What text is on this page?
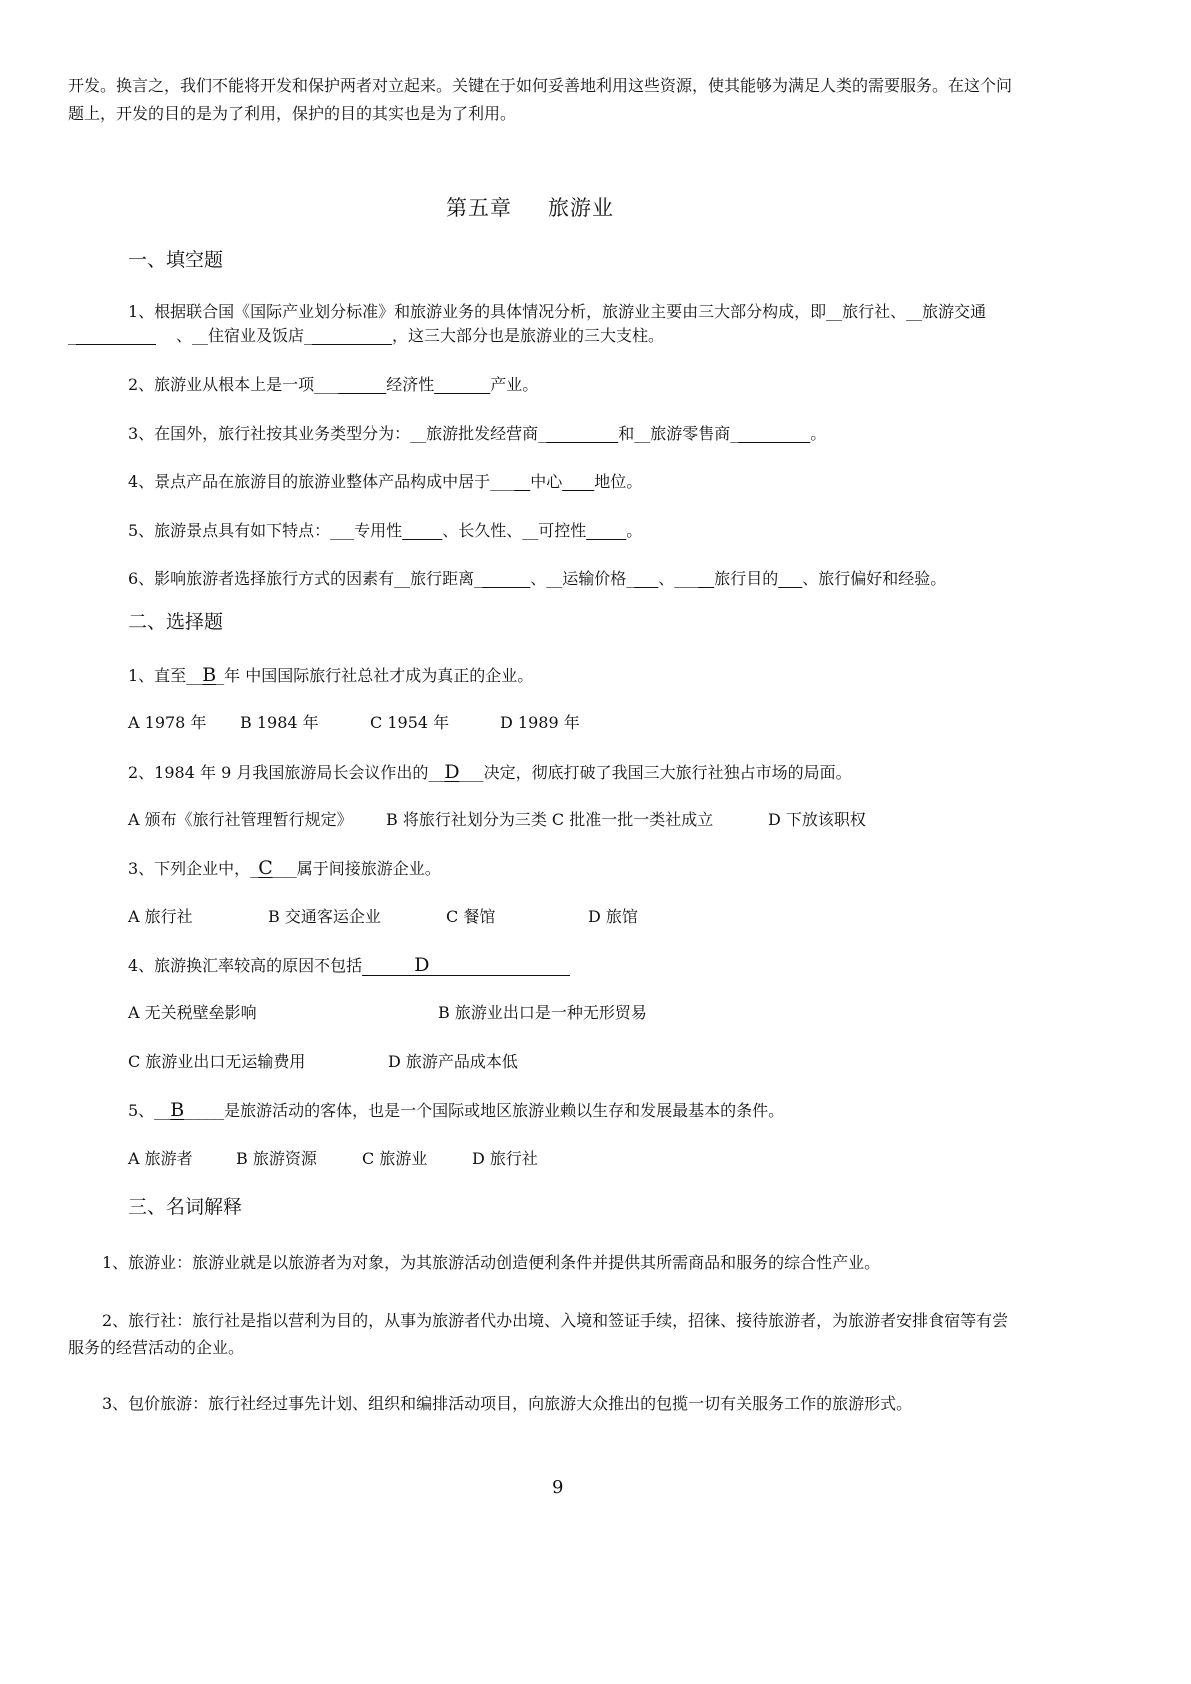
开发。换言之，我们不能将开发和保护两者对立起来。关键在于如何妥善地利用这些资源，使其能够为满足人类的需要服务。在这个问
题上，开发的目的是为了利用，保护的目的其实也是为了利用。
第五章 旅游业
一、填空题
1、根据联合国《国际产业划分标准》和旅游业务的具体情况分析，旅游业主要由三大部分构成，即__旅行社、__旅游交通
___________ 、__住宿业及饭店___________，这三大部分也是旅游业的三大支柱。
2、旅游业从根本上是一项_________经济性_______产业。
3、在国外，旅行社按其业务类型分为：__旅游批发经营商__________和__旅游零售商__________。
4、景点产品在旅游目的旅游业整体产品构成中居于_____中心____地位。
5、旅游景点具有如下特点：___专用性_____、长久性、__可控性_____。
6、影响旅游者选择旅行方式的因素有__旅行距离_______、__运输价格____、_____旅行目的___、旅行偏好和经验。
二、选择题
1、直至__B_年 中国国际旅行社总社才成为真正的企业。
A 1978 年 B 1984 年	C 1954 年	D 1989 年
2、1984 年 9 月我国旅游局长会议作出的__D___决定，彻底打破了我国三大旅行社独占市场的局面。
A 颁布《旅行社管理暂行规定》 B 将旅行社划分为三类 C 批准一批一类社成立	D 下放该职权
3、下列企业中，_C___属于间接旅游企业。
A 旅行社	B 交通客运企业	C 餐馆	D 旅馆
4、旅游换汇率较高的原因不包括	D
A 无关税壁垒影响	B 旅游业出口是一种无形贸易
C 旅游业出口无运输费用	D 旅游产品成本低
5、__B_____是旅游活动的客体，也是一个国际或地区旅游业赖以生存和发展最基本的条件。
A 旅游者	B 旅游资源	C 旅游业	D 旅行社
三、名词解释
1、旅游业：旅游业就是以旅游者为对象，为其旅游活动创造便利条件并提供其所需商品和服务的综合性产业。
2、旅行社：旅行社是指以营利为目的，从事为旅游者代办出境、入境和签证手续，招徕、接待旅游者，为旅游者安排食宿等有尝
服务的经营活动的企业。
3、包价旅游：旅行社经过事先计划、组织和编排活动项目，向旅游大众推出的包揽一切有关服务工作的旅游形式。
9
